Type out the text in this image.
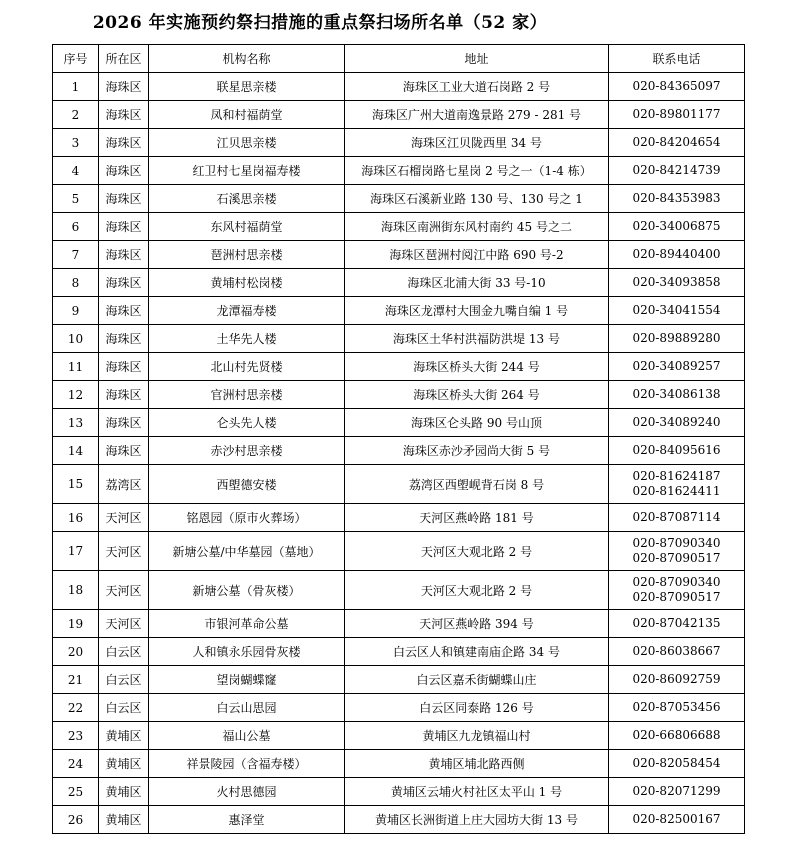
2026 年实施预约祭扫措施的重点祭扫场所名单（52 家）
序号	所在区	机构名称	地址	联系电话
1	海珠区	联星思亲楼	海珠区工业大道石岗路 2 号	020-84365097

2	海珠区	凤和村福荫堂	海珠区广州大道南逸景路 279 - 281 号	020-89801177

3	海珠区	江贝思亲楼	海珠区江贝陇西里 34 号	020-84204654

4	海珠区	红卫村七星岗福寿楼	海珠区石榴岗路七星岗 2 号之一（1-4 栋）	020-84214739

5	海珠区	石溪思亲楼	海珠区石溪新业路 130 号、130 号之 1	020-84353983

6	海珠区	东风村福荫堂	海珠区南洲街东风村南约 45 号之二	020-34006875

7	海珠区	琶洲村思亲楼	海珠区琶洲村阅江中路 690 号-2	020-89440400

8	海珠区	黄埔村松岗楼	海珠区北浦大街 33 号-10	020-34093858

9	海珠区	龙潭福寿楼	海珠区龙潭村大围金九嘴自编 1 号	020-34041554

10	海珠区	土华先人楼	海珠区土华村洪福防洪堤 13 号	020-89889280

11	海珠区	北山村先贤楼	海珠区桥头大街 244 号	020-34089257

12	海珠区	官洲村思亲楼	海珠区桥头大街 264 号	020-34086138

13	海珠区	仑头先人楼	海珠区仑头路 90 号山顶	020-34089240

14	海珠区	赤沙村思亲楼	海珠区赤沙矛园尚大街 5 号	020-84095616

15	荔湾区	西塱德安楼	荔湾区西塱岘背石岗 8 号	020-81624187
020-81624411

16	天河区	铭恩园（原市火葬场）	天河区燕岭路 181 号	020-87087114

17	天河区	新塘公墓/中华墓园（墓地）	天河区大观北路 2 号	020-87090340
020-87090517

18	天河区	新塘公墓（骨灰楼）	天河区大观北路 2 号	020-87090340
020-87090517

19	天河区	市银河革命公墓	天河区燕岭路 394 号	020-87042135

20	白云区	人和镇永乐园骨灰楼	白云区人和镇建南庙企路 34 号	020-86038667

21	白云区	望岗蝴蝶窿	白云区嘉禾街蝴蝶山庄	020-86092759

22	白云区	白云山思园	白云区同泰路 126 号	020-87053456

23	黄埔区	福山公墓	黄埔区九龙镇福山村	020-66806688

24	黄埔区	祥景陵园（含福寿楼）	黄埔区埔北路西侧	020-82058454

25	黄埔区	火村思德园	黄埔区云埔火村社区太平山 1 号	020-82071299

26	黄埔区	惠泽堂	黄埔区长洲街道上庄大园坊大街 13 号	020-82500167
